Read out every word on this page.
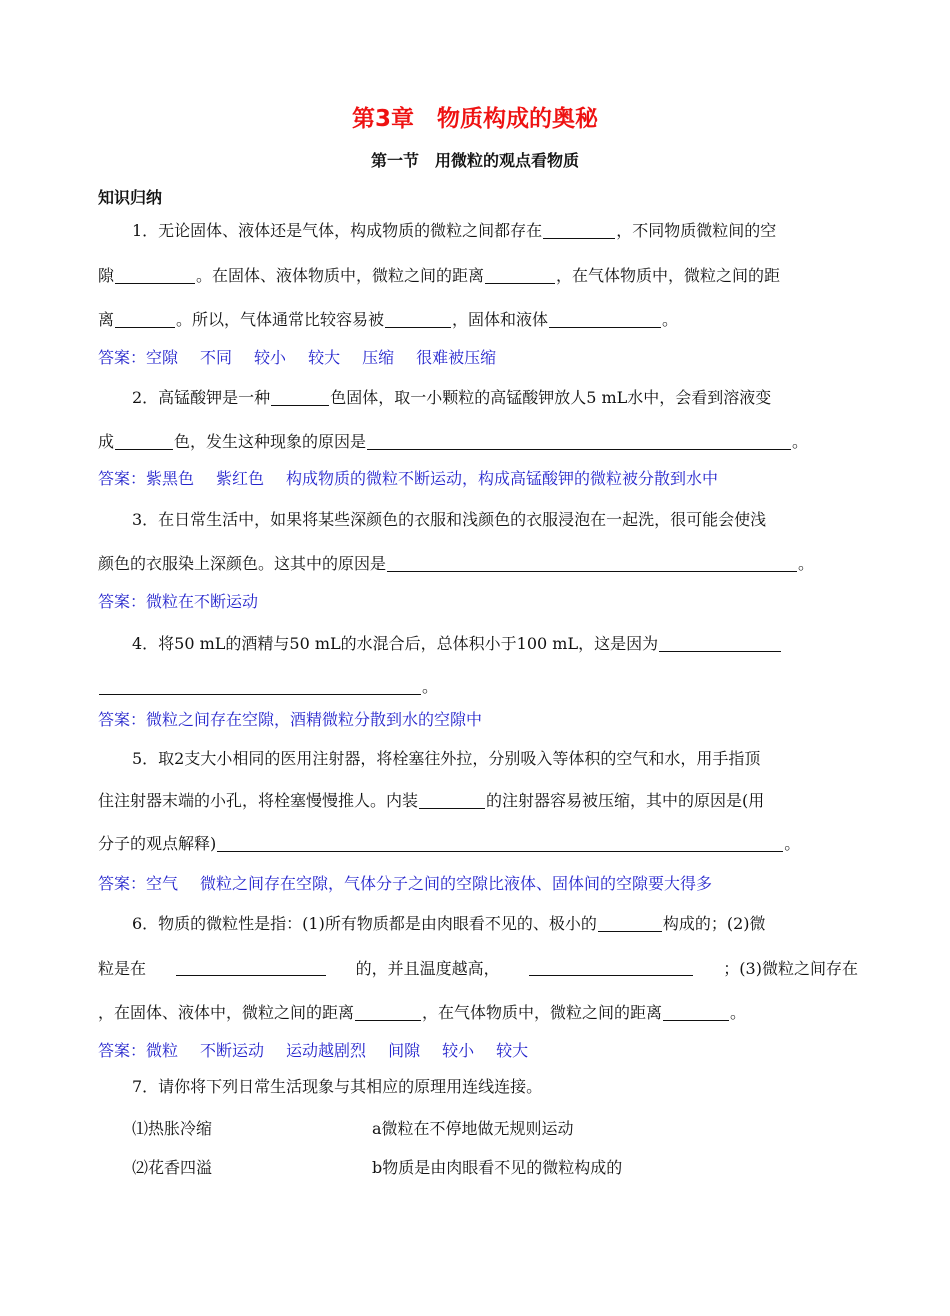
第3章　物质构成的奥秘
第一节　用微粒的观点看物质
知识归纳
1．无论固体、液体还是气体，构成物质的微粒之间都存在	，不同物质微粒间的空
隙	。在固体、液体物质中，微粒之间的距离	，在气体物质中，微粒之间的距
离	。所以，气体通常比较容易被	，固体和液体	。
答案：空隙 不同 较小 较大 压缩 很难被压缩
2．高锰酸钾是一种	色固体，取一小颗粒的高锰酸钾放人5 mL水中，会看到溶液变
成	色，发生这种现象的原因是	。
答案：紫黑色 紫红色 构成物质的微粒不断运动，构成高锰酸钾的微粒被分散到水中
3．在日常生活中，如果将某些深颜色的衣服和浅颜色的衣服浸泡在一起洗，很可能会使浅
颜色的衣服染上深颜色。这其中的原因是	。
答案：微粒在不断运动
4．将50 mL的酒精与50 mL的水混合后，总体积小于100 mL，这是因为
。
答案：微粒之间存在空隙，酒精微粒分散到水的空隙中
5．取2支大小相同的医用注射器，将栓塞往外拉，分别吸入等体积的空气和水，用手指顶
住注射器末端的小孔，将栓塞慢慢推人。内装	的注射器容易被压缩，其中的原因是(用
分子的观点解释)	。
答案：空气 微粒之间存在空隙，气体分子之间的空隙比液体、固体间的空隙要大得多
6．物质的微粒性是指：(1)所有物质都是由肉眼看不见的、极小的	构成的；(2)微
粒是在	的，并且温度越高，	；(3)微粒之间存在
，在固体、液体中，微粒之间的距离	，在气体物质中，微粒之间的距离	。
答案：微粒 不断运动 运动越剧烈 间隙 较小 较大
7．请你将下列日常生活现象与其相应的原理用连线连接。
⑴热胀冷缩	a微粒在不停地做无规则运动
⑵花香四溢	b物质是由肉眼看不见的微粒构成的
